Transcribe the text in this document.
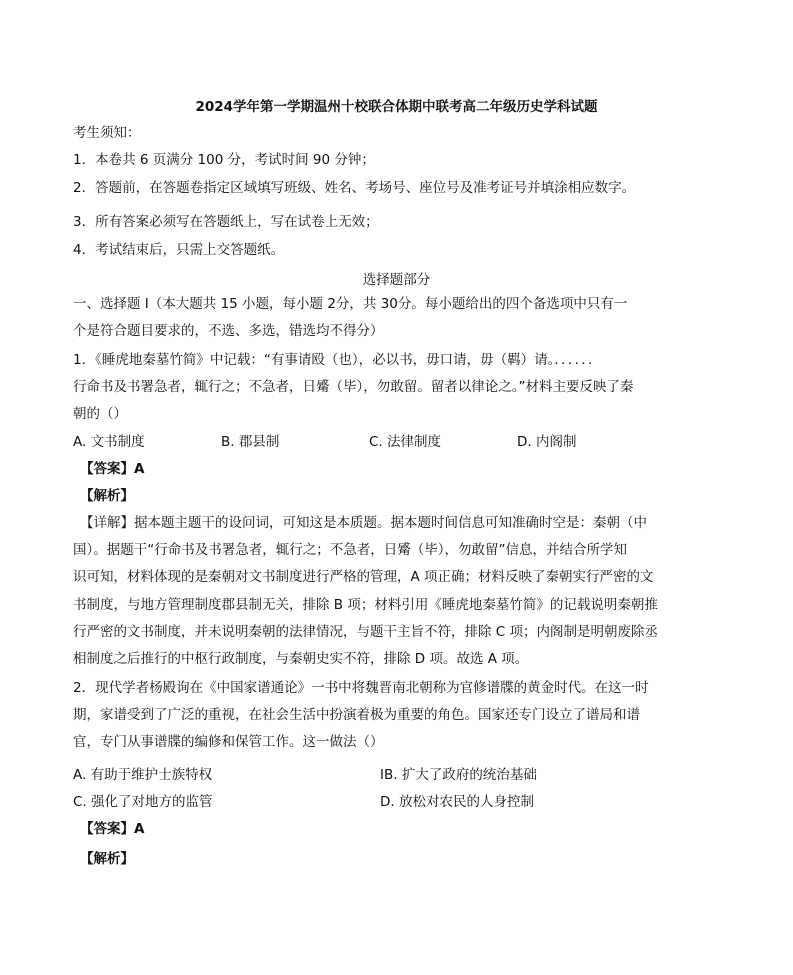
2024学年第一学期温州十校联合体期中联考高二年级历史学科试题
考生须知：
1．本卷共 6 页满分 100 分，考试时间 90 分钟；
2．答题前，在答题卷指定区域填写班级、姓名、考场号、座位号及准考证号并填涂相应数字。
3．所有答案必须写在答题纸上，写在试卷上无效；
4．考试结束后，只需上交答题纸。
选择题部分
一、选择题 I（本大题共 15 小题，每小题 2分，共 30分。每小题给出的四个备选项中只有一
个是符合题目要求的，不选、多选，错选均不得分）
1．《睡虎地秦墓竹简》中记载：“有事请殴（也），必以书，毋口请，毋（羁）请。．．．．．．
行命书及书署急者，辄行之；不急者，日觱（毕），勿敢留。留者以律论之。”材料主要反映了秦
朝的（）
A. 文书制度	B. 郡县制	C. 法律制度	D. 内阁制
【答案】A
【解析】
【详解】据本题主题干的设问词，可知这是本质题。据本题时间信息可知准确时空是：秦朝（中
国）。据题干“行命书及书署急者，辄行之；不急者，日觱（毕），勿敢留”信息，并结合所学知
识可知，材料体现的是秦朝对文书制度进行严格的管理，A 项正确；材料反映了秦朝实行严密的文
书制度，与地方管理制度郡县制无关，排除 B 项；材料引用《睡虎地秦墓竹简》的记载说明秦朝推
行严密的文书制度，并未说明秦朝的法律情况，与题干主旨不符，排除 C 项；内阁制是明朝废除丞
相制度之后推行的中枢行政制度，与秦朝史实不符，排除 D 项。故选 A 项。
2．现代学者杨殿询在《中国家谱通论》一书中将魏晋南北朝称为官修谱牒的黄金时代。在这一时
期，家谱受到了广泛的重视，在社会生活中扮演着极为重要的角色。国家还专门设立了谱局和谱
官，专门从事谱牒的编修和保管工作。这一做法（）
A. 有助于维护士族特权	IB. 扩大了政府的统治基础
C. 强化了对地方的监管	D. 放松对农民的人身控制
【答案】A
【解析】
